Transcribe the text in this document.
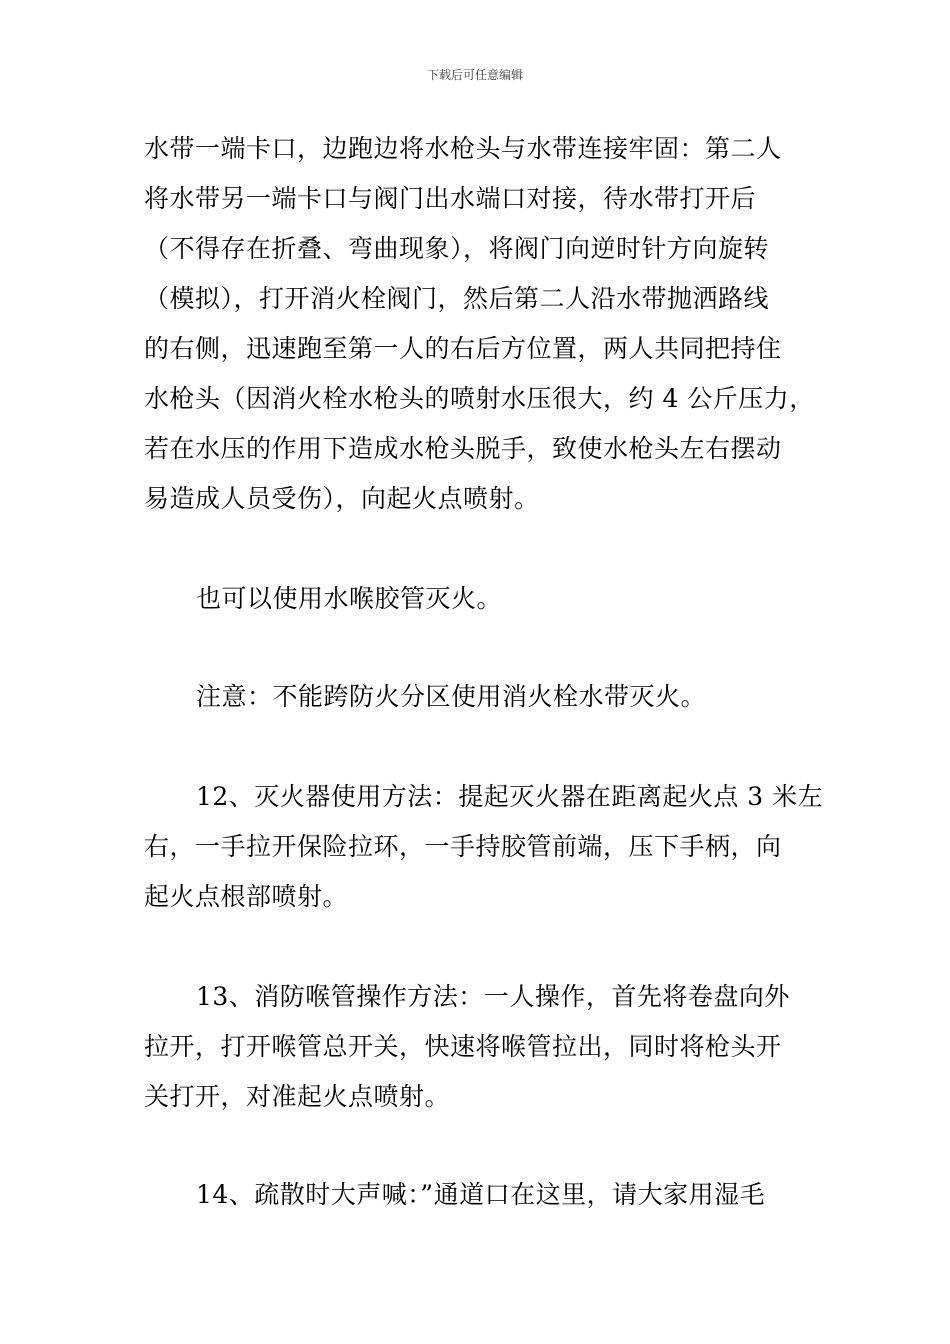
下载后可任意编辑
水带一端卡口，边跑边将水枪头与水带连接牢固：第二人
将水带另一端卡口与阀门出水端口对接，待水带打开后
（不得存在折叠、弯曲现象），将阀门向逆时针方向旋转
（模拟），打开消火栓阀门，然后第二人沿水带抛洒路线
的右侧，迅速跑至第一人的右后方位置，两人共同把持住
水枪头（因消火栓水枪头的喷射水压很大，约 4 公斤压力，
若在水压的作用下造成水枪头脱手，致使水枪头左右摆动
易造成人员受伤），向起火点喷射。
也可以使用水喉胶管灭火。
注意：不能跨防火分区使用消火栓水带灭火。
12、灭火器使用方法：提起灭火器在距离起火点 3 米左
右，一手拉开保险拉环，一手持胶管前端，压下手柄，向
起火点根部喷射。
13、消防喉管操作方法：一人操作，首先将卷盘向外
拉开，打开喉管总开关，快速将喉管拉出，同时将枪头开
关打开，对准起火点喷射。
14、疏散时大声喊：”通道口在这里，请大家用湿毛
